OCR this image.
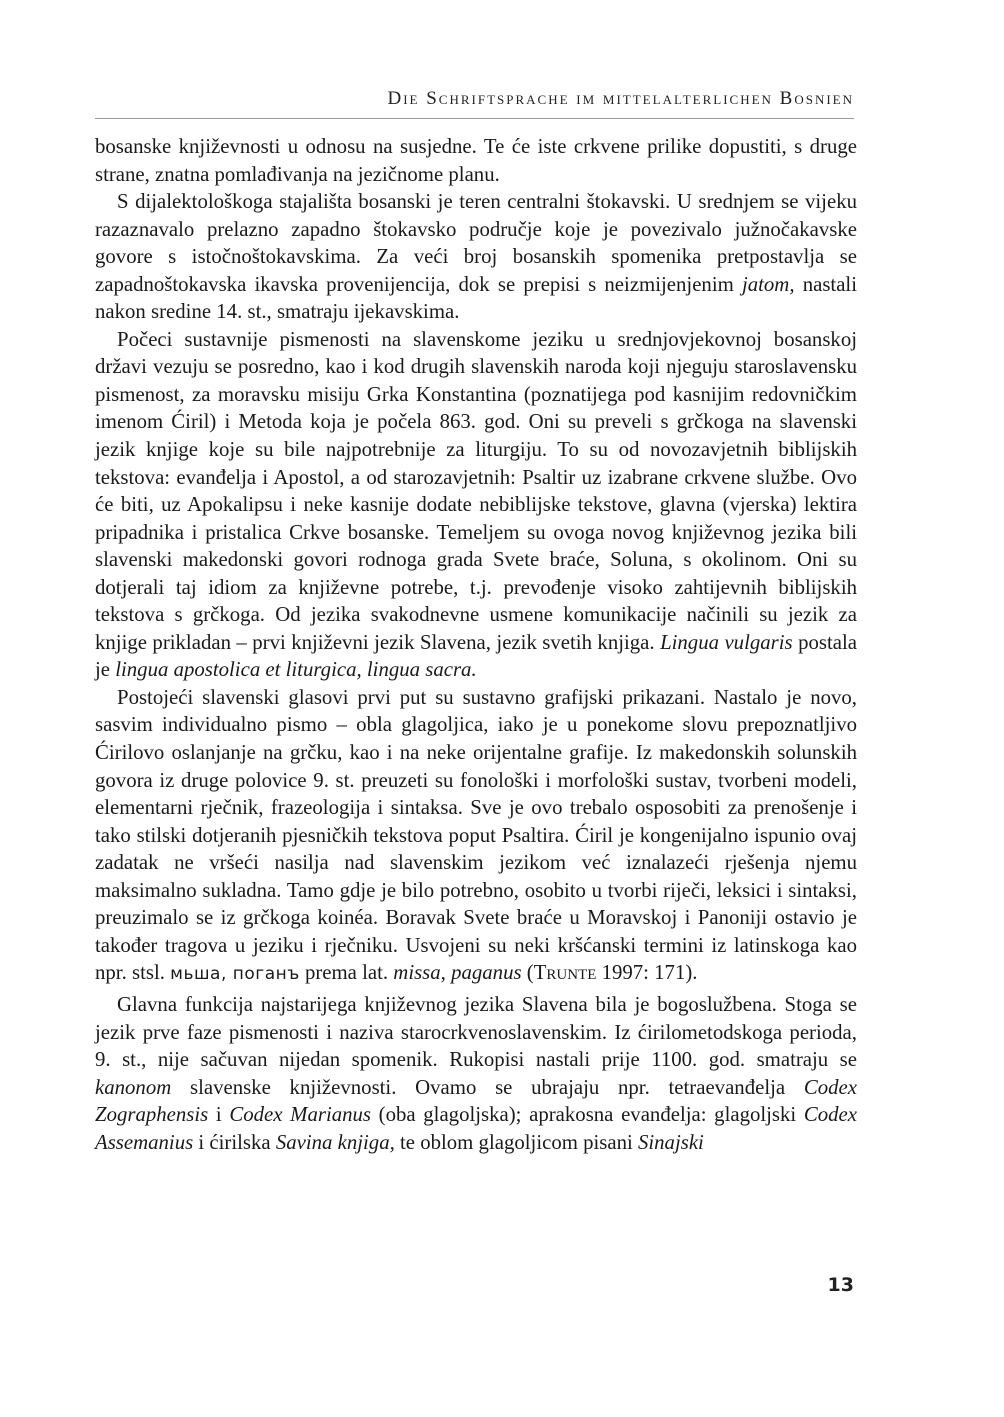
Die Schriftsprache im mittelalterlichen Bosnien

bosanske književnosti u odnosu na susjedne. Te će iste crkvene prilike dopustiti, s druge strane, znatna pomlađivanja na jezičnome planu.

S dijalektološkoga stajališta bosanski je teren centralni štokavski. U srednjem se vijeku razaznavalo prelazno zapadno štokavsko područje koje je povezivalo južnočakavske govore s istočnoštokavskima. Za veći broj bosanskih spomenika pretpostavlja se zapadnoštokavska ikavska provenijencija, dok se prepisi s neizmijenjenim jatom, nastali nakon sredine 14. st., smatraju ijekavskima.

Počeci sustavnije pismenosti na slavenskome jeziku u srednjovjekovnoj bosanskoj državi vezuju se posredno, kao i kod drugih slavenskih naroda koji njeguju staroslavensku pismenost, za moravsku misiju Grka Konstantina (poznatijega pod kasnijim redovničkim imenom Ćiril) i Metoda koja je počela 863. god. Oni su preveli s grčkoga na slavenski jezik knjige koje su bile najpotrebnije za liturgiju. To su od novozavjetnih biblijskih tekstova: evanđelja i Apostol, a od starozavjetnih: Psaltir uz izabrane crkvene službe. Ovo će biti, uz Apokalipsu i neke kasnije dodate nebiblijske tekstove, glavna (vjerska) lektira pripadnika i pristalica Crkve bosanske. Temeljem su ovoga novog književnog jezika bili slavenski makedonski govori rodnoga grada Svete braće, Soluna, s okolinom. Oni su dotjerali taj idiom za književne potrebe, t.j. prevođenje visoko zahtijevnih biblijskih tekstova s grčkoga. Od jezika svakodnevne usmene komunikacije načinili su jezik za knjige prikladan – prvi književni jezik Slavena, jezik svetih knjiga. Lingua vulgaris postala je lingua apostolica et liturgica, lingua sacra.

Postojeći slavenski glasovi prvi put su sustavno grafijski prikazani. Nastalo je novo, sasvim individualno pismo – obla glagoljica, iako je u ponekome slovu prepoznatljivo Ćirilovo oslanjanje na grčku, kao i na neke orijentalne grafije. Iz makedonskih solunskih govora iz druge polovice 9. st. preuzeti su fonološki i morfološki sustav, tvorbeni modeli, elementarni rječnik, frazeologija i sintaksa. Sve je ovo trebalo osposobiti za prenošenje i tako stilski dotjeranih pjesničkih tekstova poput Psaltira. Ćiril je kongenijalno ispunio ovaj zadatak ne vršeći nasilja nad slavenskim jezikom već iznalazeći rješenja njemu maksimalno sukladna. Tamo gdje je bilo potrebno, osobito u tvorbi riječi, leksici i sintaksi, preuzimalo se iz grčkoga koinéa. Boravak Svete braće u Moravskoj i Panoniji ostavio je također tragova u jeziku i rječniku. Usvojeni su neki kršćanski termini iz latinskoga kao npr. stsl. мьша, поганъ prema lat. missa, paganus (Trunte 1997: 171).

Glavna funkcija najstarijega književnog jezika Slavena bila je bogoslužbena. Stoga se jezik prve faze pismenosti i naziva starocrkvenoslavenskim. Iz ćirilometodskoga perioda, 9. st., nije sačuvan nijedan spomenik. Rukopisi nastali prije 1100. god. smatraju se kanonom slavenske književnosti. Ovamo se ubrajaju npr. tetraevanđelja Codex Zographensis i Codex Marianus (oba glagoljska); aprakosna evanđelja: glagoljski Codex Assemanius i ćirilska Savina knjiga, te oblom glagoljicom pisani Sinajski

13
